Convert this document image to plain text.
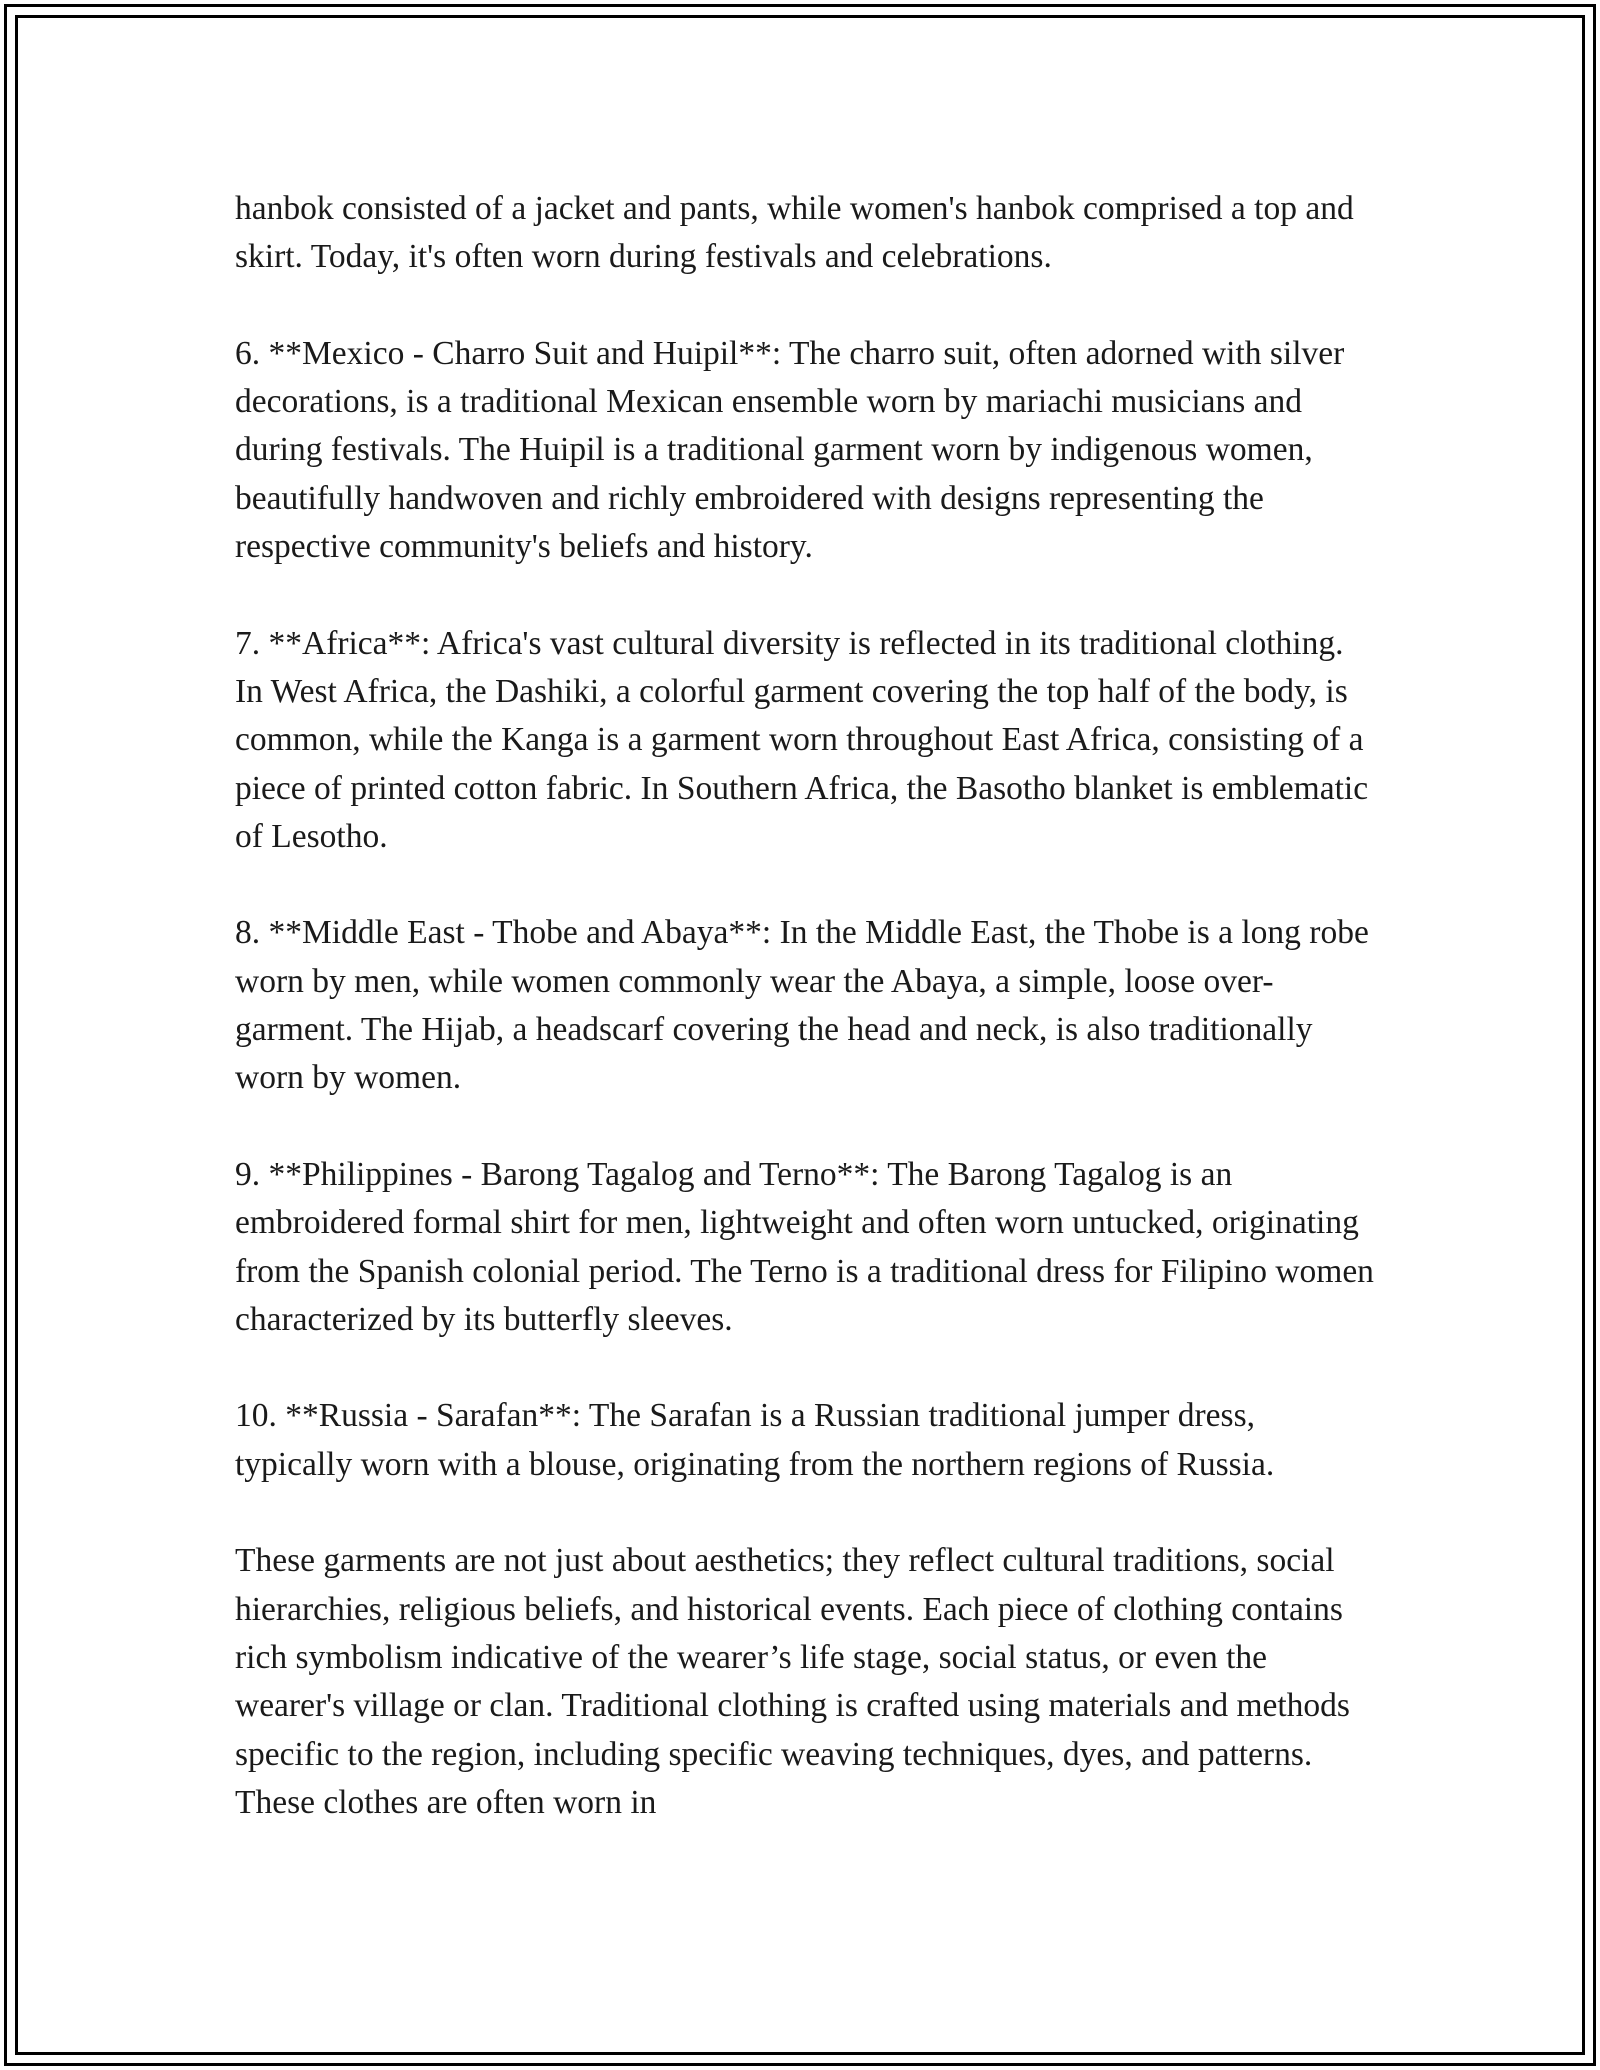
hanbok consisted of a jacket and pants, while women's hanbok comprised a top and skirt. Today, it's often worn during festivals and celebrations.

6. **Mexico - Charro Suit and Huipil**: The charro suit, often adorned with silver decorations, is a traditional Mexican ensemble worn by mariachi musicians and during festivals. The Huipil is a traditional garment worn by indigenous women, beautifully handwoven and richly embroidered with designs representing the respective community's beliefs and history.

7. **Africa**: Africa's vast cultural diversity is reflected in its traditional clothing. In West Africa, the Dashiki, a colorful garment covering the top half of the body, is common, while the Kanga is a garment worn throughout East Africa, consisting of a piece of printed cotton fabric. In Southern Africa, the Basotho blanket is emblematic of Lesotho.

8. **Middle East - Thobe and Abaya**: In the Middle East, the Thobe is a long robe worn by men, while women commonly wear the Abaya, a simple, loose over-garment. The Hijab, a headscarf covering the head and neck, is also traditionally worn by women.

9. **Philippines - Barong Tagalog and Terno**: The Barong Tagalog is an embroidered formal shirt for men, lightweight and often worn untucked, originating from the Spanish colonial period. The Terno is a traditional dress for Filipino women characterized by its butterfly sleeves.

10. **Russia - Sarafan**: The Sarafan is a Russian traditional jumper dress, typically worn with a blouse, originating from the northern regions of Russia.

These garments are not just about aesthetics; they reflect cultural traditions, social hierarchies, religious beliefs, and historical events. Each piece of clothing contains rich symbolism indicative of the wearer’s life stage, social status, or even the wearer's village or clan. Traditional clothing is crafted using materials and methods specific to the region, including specific weaving techniques, dyes, and patterns. These clothes are often worn in
